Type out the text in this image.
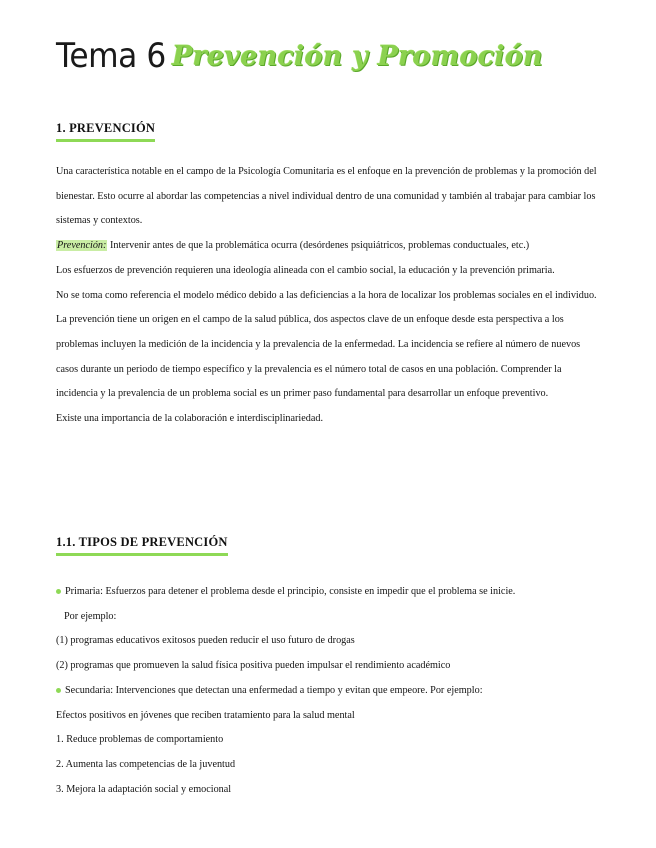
Tema 6 Prevención y Promoción
1. PREVENCIÓN

Una característica notable en el campo de la Psicología Comunitaria es el enfoque en la prevención de problemas y la promoción del bienestar. Esto ocurre al abordar las competencias a nivel individual dentro de una comunidad y también al trabajar para cambiar los sistemas y contextos.

Prevención: Intervenir antes de que la problemática ocurra (desórdenes psiquiátricos, problemas conductuales, etc.)

Los esfuerzos de prevención requieren una ideología alineada con el cambio social, la educación y la prevención primaria.

No se toma como referencia el modelo médico debido a las deficiencias a la hora de localizar los problemas sociales en el individuo.

La prevención tiene un origen en el campo de la salud pública, dos aspectos clave de un enfoque desde esta perspectiva a los problemas incluyen la medición de la incidencia y la prevalencia de la enfermedad. La incidencia se refiere al número de nuevos casos durante un periodo de tiempo específico y la prevalencia es el número total de casos en una población. Comprender la incidencia y la prevalencia de un problema social es un primer paso fundamental para desarrollar un enfoque preventivo.

Existe una importancia de la colaboración e interdisciplinariedad.

1.1. TIPOS DE PREVENCIÓN

Primaria: Esfuerzos para detener el problema desde el principio, consiste en impedir que el problema se inicie.

Por ejemplo:

(1) programas educativos exitosos pueden reducir el uso futuro de drogas

(2) programas que promueven la salud física positiva pueden impulsar el rendimiento académico

Secundaria: Intervenciones que detectan una enfermedad a tiempo y evitan que empeore. Por ejemplo:

Efectos positivos en jóvenes que reciben tratamiento para la salud mental

1. Reduce problemas de comportamiento

2. Aumenta las competencias de la juventud

3. Mejora la adaptación social y emocional
